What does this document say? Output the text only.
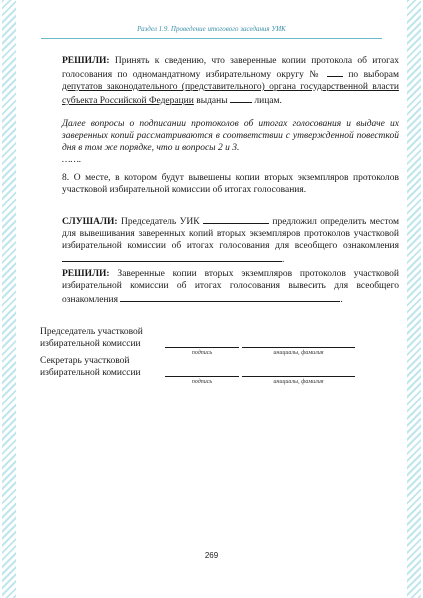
Раздел 1.9. Проведение итогового заседания УИК
РЕШИЛИ: Принять к сведению, что заверенные копии протокола об итогах голосования по одномандатному избирательному округу №  по выборам депутатов законодательного (представительного) органа государственной власти субъекта Российской Федерации выданы  лицам.
Далее вопросы о подписании протоколов об итогах голосования и выдаче их заверенных копий рассматриваются в соответствии с утвержденной повесткой дня в том же порядке, что и вопросы 2 и 3.
…….
8. О месте, в котором будут вывешены копии вторых экземпляров протоколов участковой избирательной комиссии об итогах голосования.
СЛУШАЛИ: Председатель УИК	предложил определить местом для вывешивания заверенных копий вторых экземпляров протоколов участковой избирательной комиссии об итогах голосования для всеобщего ознакомления .
РЕШИЛИ: Заверенные копии вторых экземпляров протоколов участковой избирательной комиссии об итогах голосования вывесить для всеобщего ознакомления	.
Председатель участковой избирательной комиссии
подпись	инициалы, фамилия
Секретарь участковой избирательной комиссии
подпись	инициалы, фамилия
269
